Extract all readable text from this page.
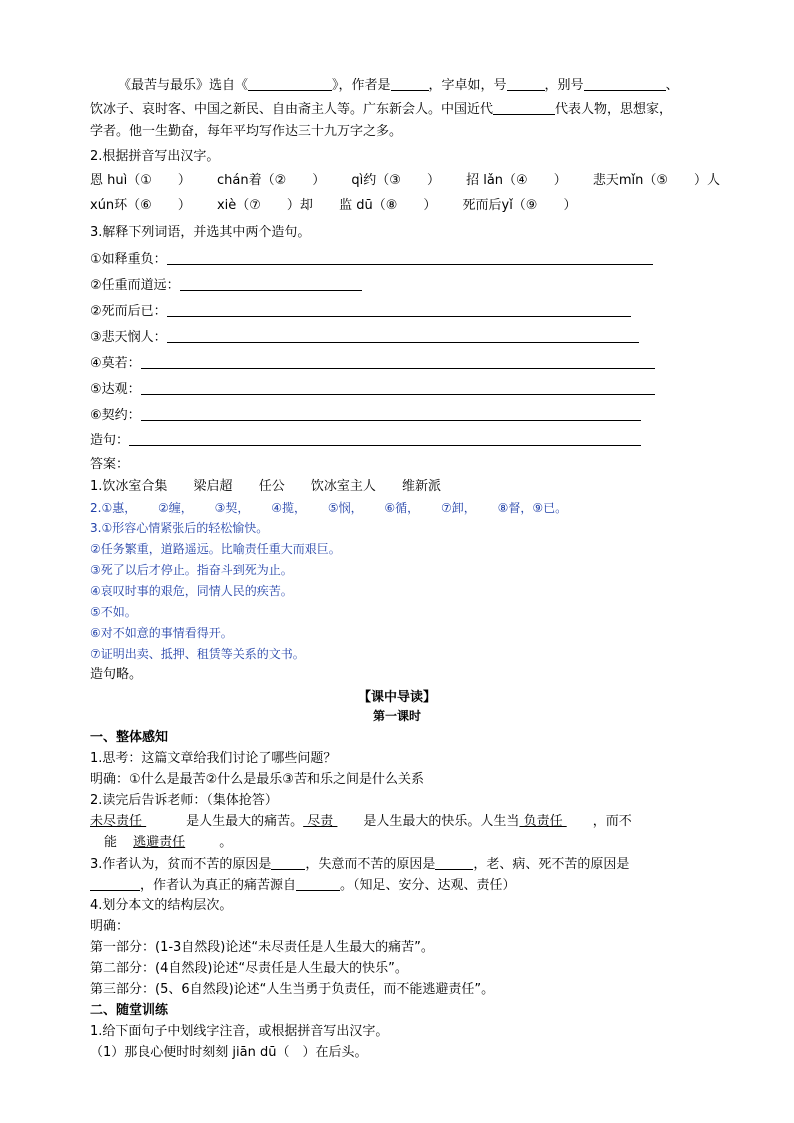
《最苦与最乐》选自《	》，作者是	，字卓如，号	，别号	、
饮冰子、哀时客、中国之新民、自由斋主人等。广东新会人。中国近代	代表人物，思想家，
学者。他一生勤奋，每年平均写作达三十九万字之多。
2.根据拼音写出汉字。
恩 huì（①　　） chán着（②　　） qì约（③　　） 招 lǎn（④　　） 悲天mǐn（⑤　　）人
xún环（⑥　　） xiè（⑦　　）却 监 dū（⑧　　） 死而后yǐ（⑨　　）
3.解释下列词语，并选其中两个造句。
①如释重负：
②任重而道远：
②死而后已：
③悲天悯人：
④莫若：
⑤达观：
⑥契约：
造句：
答案：
1.饮冰室合集 梁启超 任公 饮冰室主人 维新派
2.①惠， ②缠， ③契， ④揽， ⑤悯， ⑥循， ⑦卸， ⑧督，⑨已。
3.①形容心情紧张后的轻松愉快。
②任务繁重，道路遥远。比喻责任重大而艰巨。
③死了以后才停止。指奋斗到死为止。
④哀叹时事的艰危，同情人民的疾苦。
⑤不如。
⑥对不如意的事情看得开。
⑦证明出卖、抵押、租赁等关系的文书。
造句略。
【课中导读】
第一课时
一、整体感知
1.思考：这篇文章给我们讨论了哪些问题？
明确：①什么是最苦②什么是最乐③苦和乐之间是什么关系
2.读完后告诉老师：（集体抢答）
未尽责任	是人生最大的痛苦。 尽责 是人生最大的快乐。人生当 负责任 ，而不
能 逃避责任 。
3.作者认为，贫而不苦的原因是	，失意而不苦的原因是	，老、病、死不苦的原因是
，作者认为真正的痛苦源自	。（知足、安分、达观、责任）
4.划分本文的结构层次。
明确：
第一部分：(1-3自然段)论述“未尽责任是人生最大的痛苦”。
第二部分：(4自然段)论述“尽责任是人生最大的快乐”。
第三部分：(5、6自然段)论述“人生当勇于负责任，而不能逃避责任”。
二、随堂训练
1.给下面句子中划线字注音，或根据拼音写出汉字。
（1）那良心便时时刻刻 jiān dū（　）在后头。
